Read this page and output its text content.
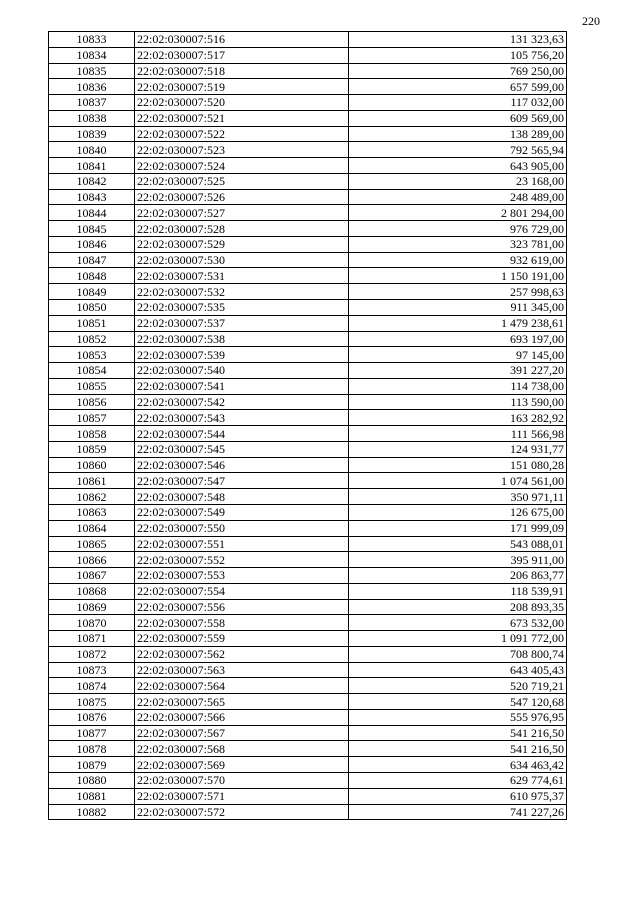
220
10833	22:02:030007:516	131 323,63
10834	22:02:030007:517	105 756,20
10835	22:02:030007:518	769 250,00
10836	22:02:030007:519	657 599,00
10837	22:02:030007:520	117 032,00
10838	22:02:030007:521	609 569,00
10839	22:02:030007:522	138 289,00
10840	22:02:030007:523	792 565,94
10841	22:02:030007:524	643 905,00
10842	22:02:030007:525	23 168,00
10843	22:02:030007:526	248 489,00
10844	22:02:030007:527	2 801 294,00
10845	22:02:030007:528	976 729,00
10846	22:02:030007:529	323 781,00
10847	22:02:030007:530	932 619,00
10848	22:02:030007:531	1 150 191,00
10849	22:02:030007:532	257 998,63
10850	22:02:030007:535	911 345,00
10851	22:02:030007:537	1 479 238,61
10852	22:02:030007:538	693 197,00
10853	22:02:030007:539	97 145,00
10854	22:02:030007:540	391 227,20
10855	22:02:030007:541	114 738,00
10856	22:02:030007:542	113 590,00
10857	22:02:030007:543	163 282,92
10858	22:02:030007:544	111 566,98
10859	22:02:030007:545	124 931,77
10860	22:02:030007:546	151 080,28
10861	22:02:030007:547	1 074 561,00
10862	22:02:030007:548	350 971,11
10863	22:02:030007:549	126 675,00
10864	22:02:030007:550	171 999,09
10865	22:02:030007:551	543 088,01
10866	22:02:030007:552	395 911,00
10867	22:02:030007:553	206 863,77
10868	22:02:030007:554	118 539,91
10869	22:02:030007:556	208 893,35
10870	22:02:030007:558	673 532,00
10871	22:02:030007:559	1 091 772,00
10872	22:02:030007:562	708 800,74
10873	22:02:030007:563	643 405,43
10874	22:02:030007:564	520 719,21
10875	22:02:030007:565	547 120,68
10876	22:02:030007:566	555 976,95
10877	22:02:030007:567	541 216,50
10878	22:02:030007:568	541 216,50
10879	22:02:030007:569	634 463,42
10880	22:02:030007:570	629 774,61
10881	22:02:030007:571	610 975,37
10882	22:02:030007:572	741 227,26
